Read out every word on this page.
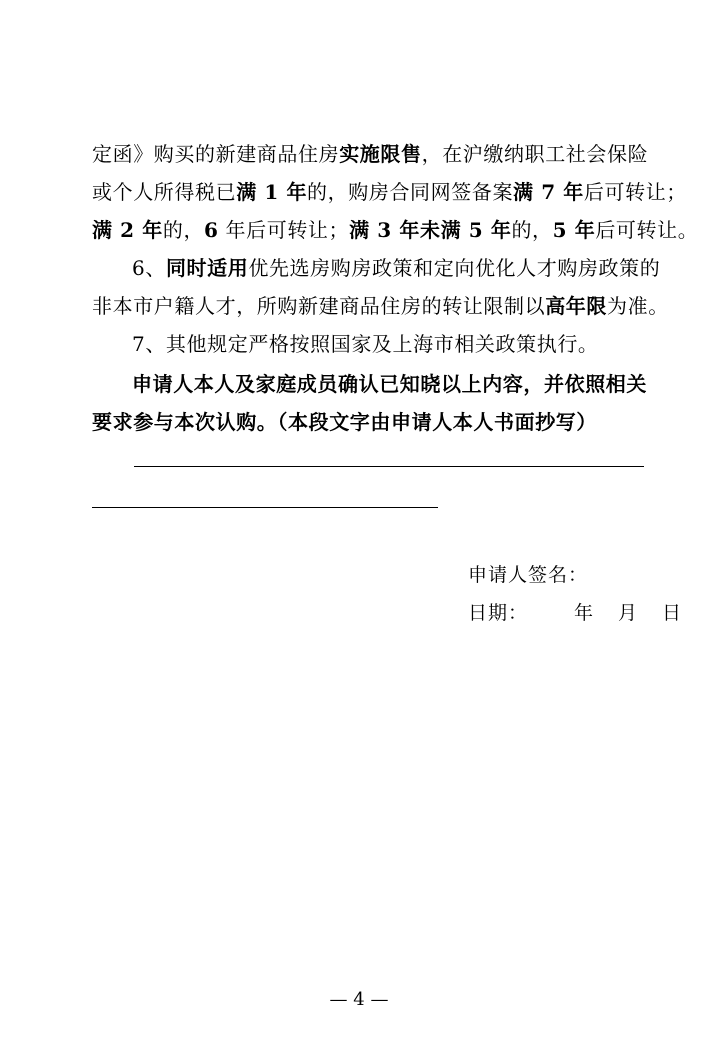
定函》购买的新建商品住房实施限售，在沪缴纳职工社会保险
或个人所得税已满 1 年的，购房合同网签备案满 7 年后可转让；
满 2 年的，6 年后可转让；满 3 年未满 5 年的，5 年后可转让。
6、同时适用优先选房购房政策和定向优化人才购房政策的
非本市户籍人才，所购新建商品住房的转让限制以高年限为准。
7、其他规定严格按照国家及上海市相关政策执行。
申请人本人及家庭成员确认已知晓以上内容，并依照相关
要求参与本次认购。（本段文字由申请人本人书面抄写）
申请人签名：
日期： 年 月 日
— 4 —
